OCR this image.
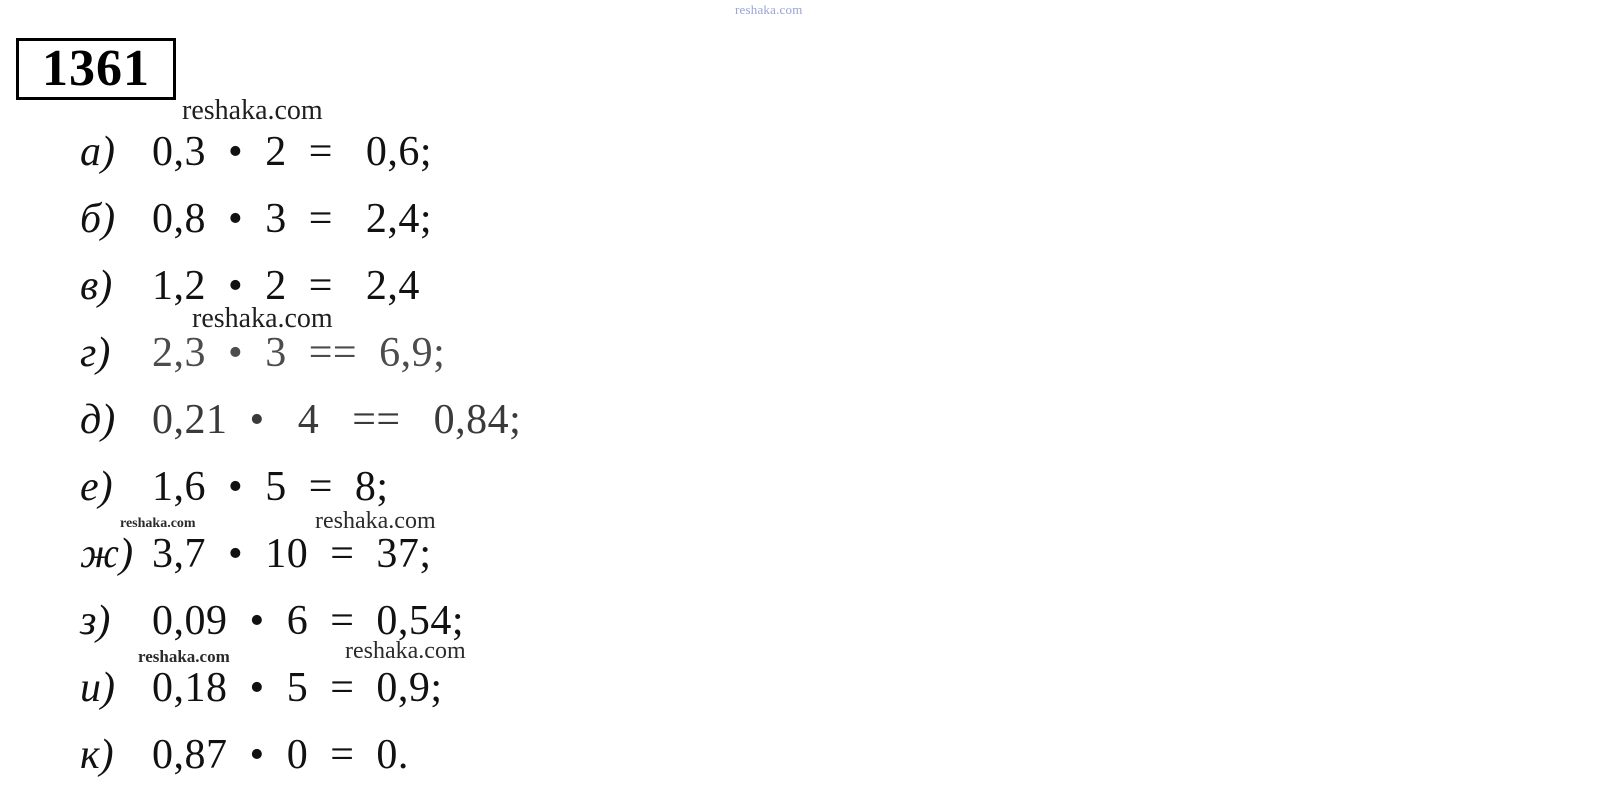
reshaka.com
1361
а) 0,3  •  2  =   0,6;
б) 0,8  •  3  =   2,4;
в) 1,2  •  2  =   2,4
г) 2,3  •  3  ==  6,9;
д) 0,21  •   4   ==   0,84;
е) 1,6  •  5  =  8;
ж) 3,7  •  10  =  37;
з) 0,09  •  6  =  0,54;
и) 0,18  •  5  =  0,9;
к) 0,87  •  0  =  0.
reshaka.com
reshaka.com
reshaka.com	reshaka.com
reshaka.com	reshaka.com
